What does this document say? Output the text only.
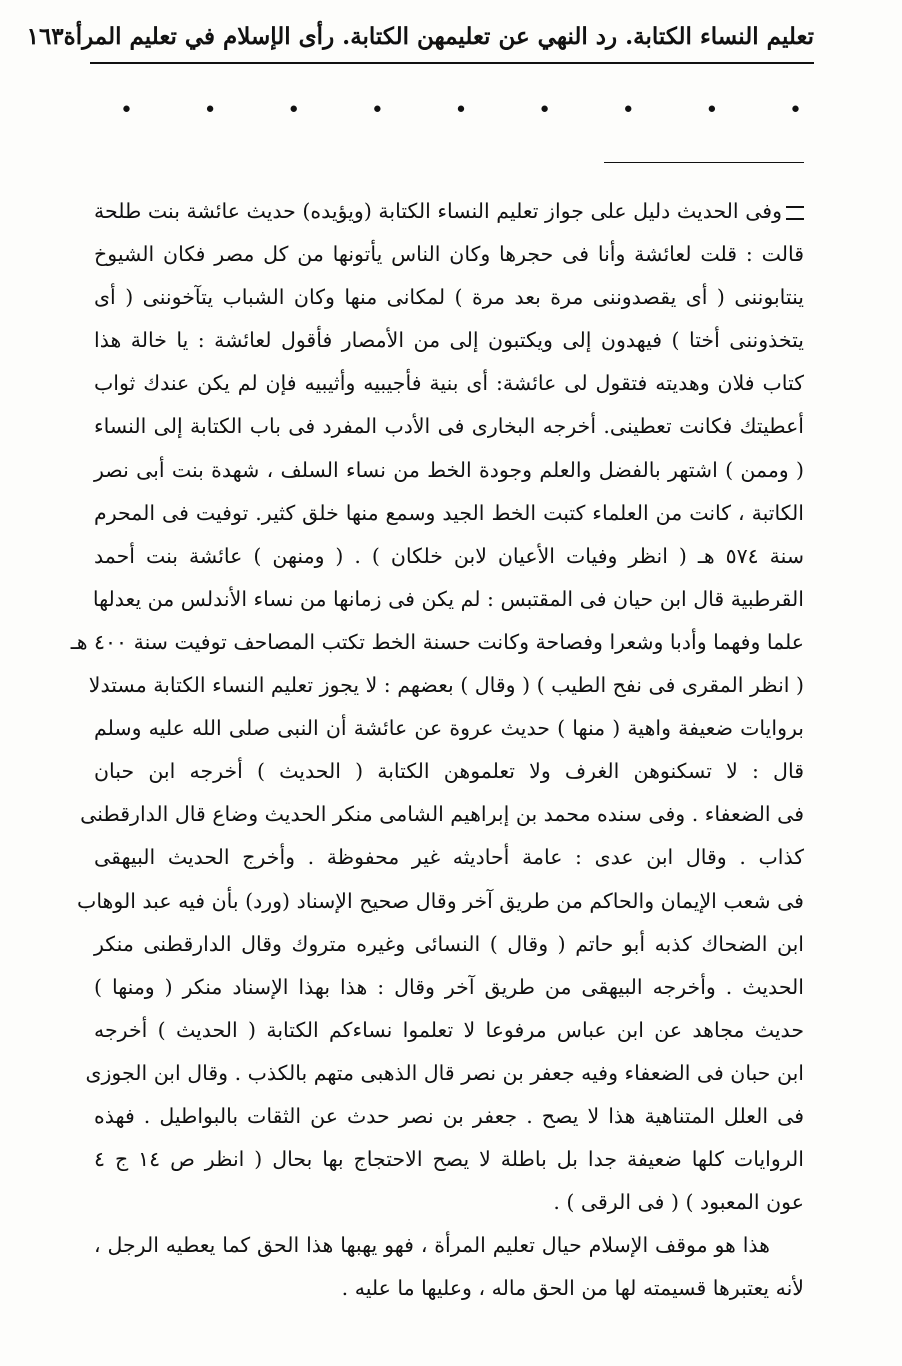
تعليم النساء الكتابة. رد النهي عن تعليمهن الكتابة. رأى الإسلام في تعليم المرأة
١٦٣
•
•
•
•
•
•
•
•
•
وفى الحديث دليل على جواز تعليم النساء الكتابة (ويؤيده) حديث عائشة بنت طلحة
قالت : قلت لعائشة وأنا فى حجرها وكان الناس يأتونها من كل مصر فكان الشيوخ
ينتابوننى ( أى يقصدوننى مرة بعد مرة ) لمكانى منها وكان الشباب يتآخوننى ( أى
يتخذوننى أختا ) فيهدون إلى ويكتبون إلى من الأمصار فأقول لعائشة : يا خالة هذا
كتاب فلان وهديته فتقول لى عائشة: أى بنية فأجيبيه وأثيبيه فإن لم يكن عندك ثواب
أعطيتك فكانت تعطينى. أخرجه البخارى فى الأدب المفرد فى باب الكتابة إلى النساء
( وممن ) اشتهر بالفضل والعلم وجودة الخط من نساء السلف ، شهدة بنت أبى نصر
الكاتبة ، كانت من العلماء كتبت الخط الجيد وسمع منها خلق كثير. توفيت فى المحرم
سنة ٥٧٤ هـ ( انظر وفيات الأعيان لابن خلكان ) . ( ومنهن ) عائشة بنت أحمد
القرطبية قال ابن حيان فى المقتبس : لم يكن فى زمانها من نساء الأندلس من يعدلها
علما وفهما وأدبا وشعرا وفصاحة وكانت حسنة الخط تكتب المصاحف توفيت سنة ٤٠٠ هـ
( انظر المقرى فى نفح الطيب ) ( وقال ) بعضهم : لا يجوز تعليم النساء الكتابة مستدلا
بروايات ضعيفة واهية ( منها ) حديث عروة عن عائشة أن النبى صلى الله عليه وسلم
قال : لا تسكنوهن الغرف ولا تعلموهن الكتابة ( الحديث ) أخرجه ابن حبان
فى الضعفاء . وفى سنده محمد بن إبراهيم الشامى منكر الحديث وضاع قال الدارقطنى
كذاب . وقال ابن عدى : عامة أحاديثه غير محفوظة . وأخرج الحديث البيهقى
فى شعب الإيمان والحاكم من طريق آخر وقال صحيح الإسناد (ورد) بأن فيه عبد الوهاب
ابن الضحاك كذبه أبو حاتم ( وقال ) النسائى وغيره متروك وقال الدارقطنى منكر
الحديث . وأخرجه البيهقى من طريق آخر وقال : هذا بهذا الإسناد منكر ( ومنها )
حديث مجاهد عن ابن عباس مرفوعا لا تعلموا نساءكم الكتابة ( الحديث ) أخرجه
ابن حبان فى الضعفاء وفيه جعفر بن نصر قال الذهبى متهم بالكذب . وقال ابن الجوزى
فى العلل المتناهية هذا لا يصح . جعفر بن نصر حدث عن الثقات بالبواطيل . فهذه
الروايات كلها ضعيفة جدا بل باطلة لا يصح الاحتجاج بها بحال ( انظر ص ١٤ ج ٤
عون المعبود ) ( فى الرقى ) .
هذا هو موقف الإسلام حيال تعليم المرأة ، فهو يهبها هذا الحق كما يعطيه الرجل ،
لأنه يعتبرها قسيمته لها من الحق ماله ، وعليها ما عليه .
